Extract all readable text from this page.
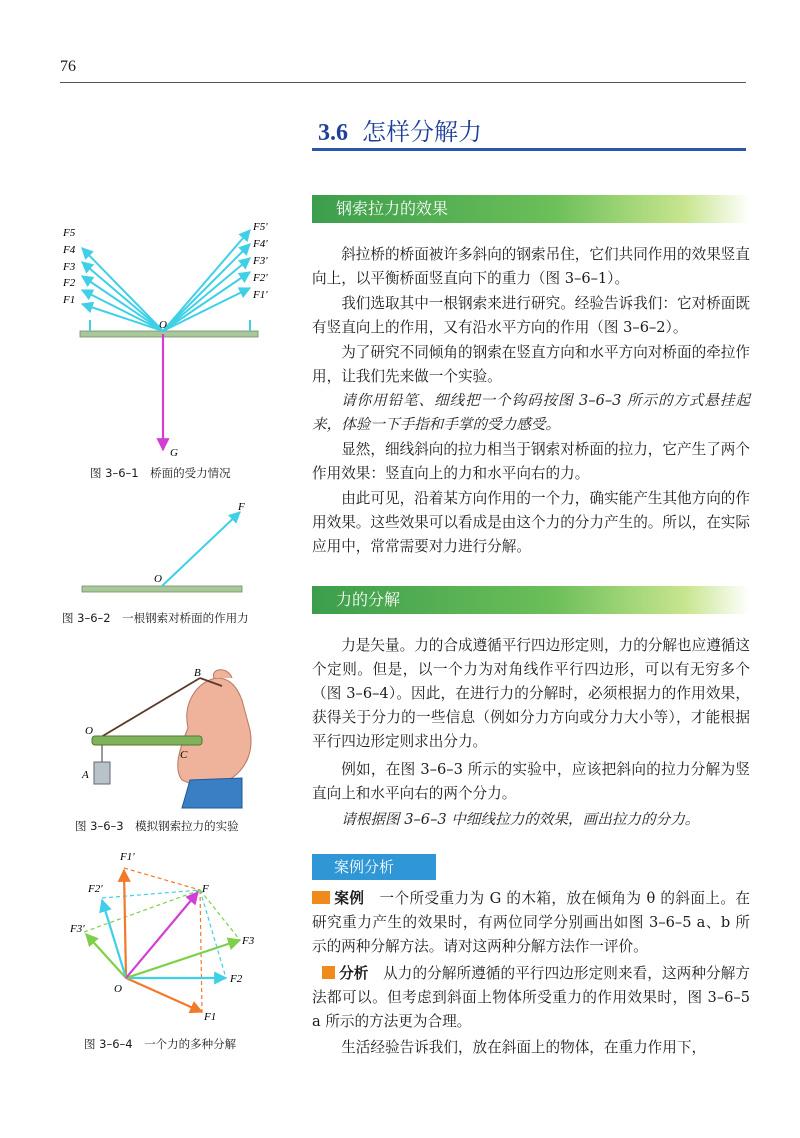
76
3.6 怎样分解力
钢索拉力的效果
斜拉桥的桥面被许多斜向的钢索吊住，它们共同作用的效果竖直向上，以平衡桥面竖直向下的重力（图 3–6–1）。
我们选取其中一根钢索来进行研究。经验告诉我们：它对桥面既有竖直向上的作用，又有沿水平方向的作用（图 3–6–2）。
为了研究不同倾角的钢索在竖直方向和水平方向对桥面的牵拉作用，让我们先来做一个实验。
请你用铅笔、细线把一个钩码按图 3–6–3 所示的方式悬挂起来，体验一下手指和手掌的受力感受。
显然，细线斜向的拉力相当于钢索对桥面的拉力，它产生了两个作用效果：竖直向上的力和水平向右的力。
由此可见，沿着某方向作用的一个力，确实能产生其他方向的作用效果。这些效果可以看成是由这个力的分力产生的。所以，在实际应用中，常常需要对力进行分解。
力的分解
力是矢量。力的合成遵循平行四边形定则，力的分解也应遵循这个定则。但是，以一个力为对角线作平行四边形，可以有无穷多个（图 3–6–4）。因此，在进行力的分解时，必须根据力的作用效果，获得关于分力的一些信息（例如分力方向或分力大小等），才能根据平行四边形定则求出分力。
例如，在图 3–6–3 所示的实验中，应该把斜向的拉力分解为竖直向上和水平向右的两个分力。
请根据图 3–6–3 中细线拉力的效果，画出拉力的分力。
案例分析
案例　 一个所受重力为 G 的木箱，放在倾角为 θ 的斜面上。在研究重力产生的效果时，有两位同学分别画出如图 3–6–5 a、b 所示的两种分解方法。请对这两种分解方法作一评价。
分析　 从力的分解所遵循的平行四边形定则来看，这两种分解方法都可以。但考虑到斜面上物体所受重力的作用效果时，图 3–6–5 a 所示的方法更为合理。
生活经验告诉我们，放在斜面上的物体，在重力作用下，
F5
F4
F3
F2
F1
F5'
F4'
F3'
F2'
F1'
O
G
图 3–6–1　桥面的受力情况
F
O
图 3–6–2　一根钢索对桥面的作用力
B
O
C
A
图 3–6–3　模拟钢索拉力的实验
F1'
F2'
F3'
F
F3
F2
F1
O
图 3–6–4　一个力的多种分解
